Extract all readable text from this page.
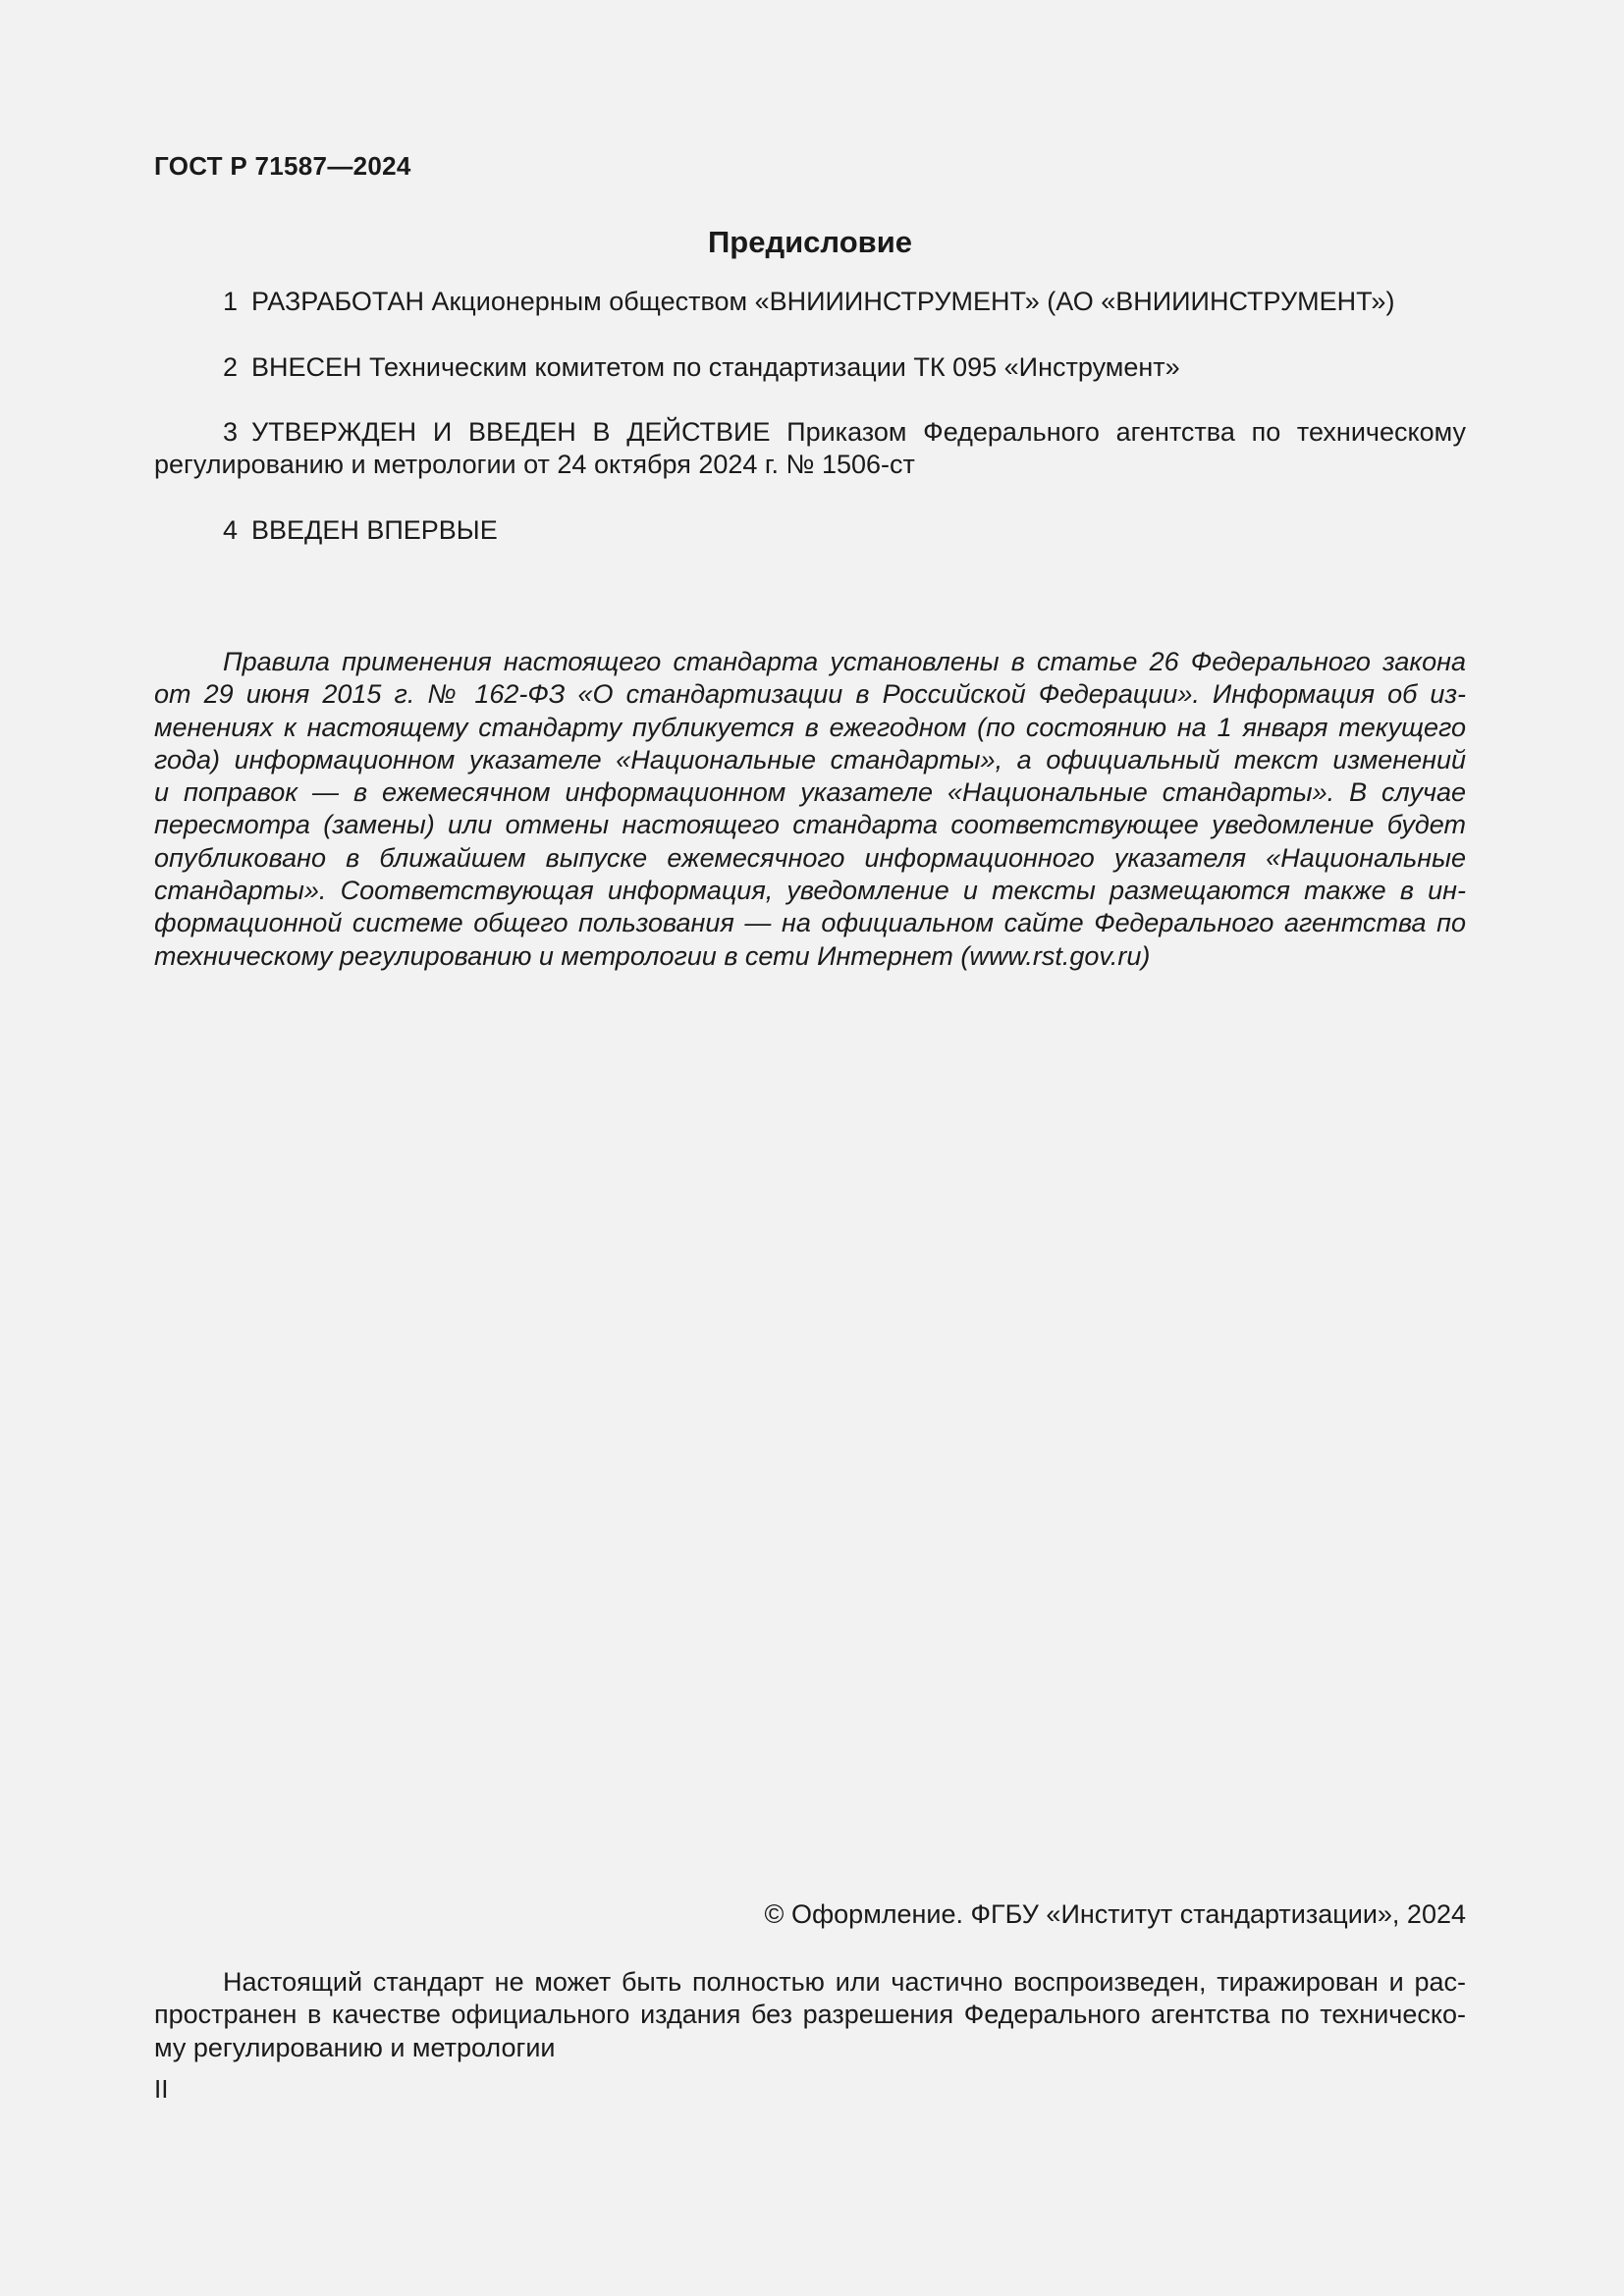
ГОСТ Р 71587—2024
Предисловие
1 РАЗРАБОТАН Акционерным обществом «ВНИИИНСТРУМЕНТ» (АО «ВНИИИНСТРУМЕНТ»)
2 ВНЕСЕН Техническим комитетом по стандартизации ТК 095 «Инструмент»
3 УТВЕРЖДЕН И ВВЕДЕН В ДЕЙСТВИЕ Приказом Федерального агентства по техническому регулированию и метрологии от 24 октября 2024 г. № 1506-ст
4 ВВЕДЕН ВПЕРВЫЕ
Правила применения настоящего стандарта установлены в статье 26 Федерального закона
от 29 июня 2015 г. № 162-ФЗ «О стандартизации в Российской Федерации». Информация об из-
менениях к настоящему стандарту публикуется в ежегодном (по состоянию на 1 января текущего
года) информационном указателе «Национальные стандарты», а официальный текст изменений
и поправок — в ежемесячном информационном указателе «Национальные стандарты». В случае
пересмотра (замены) или отмены настоящего стандарта соответствующее уведомление будет
опубликовано в ближайшем выпуске ежемесячного информационного указателя «Национальные
стандарты». Соответствующая информация, уведомление и тексты размещаются также в ин-
формационной системе общего пользования — на официальном сайте Федерального агентства по
техническому регулированию и метрологии в сети Интернет (www.rst.gov.ru)
© Оформление. ФГБУ «Институт стандартизации», 2024
Настоящий стандарт не может быть полностью или частично воспроизведен, тиражирован и рас-
пространен в качестве официального издания без разрешения Федерального агентства по техническо-
му регулированию и метрологии
II
